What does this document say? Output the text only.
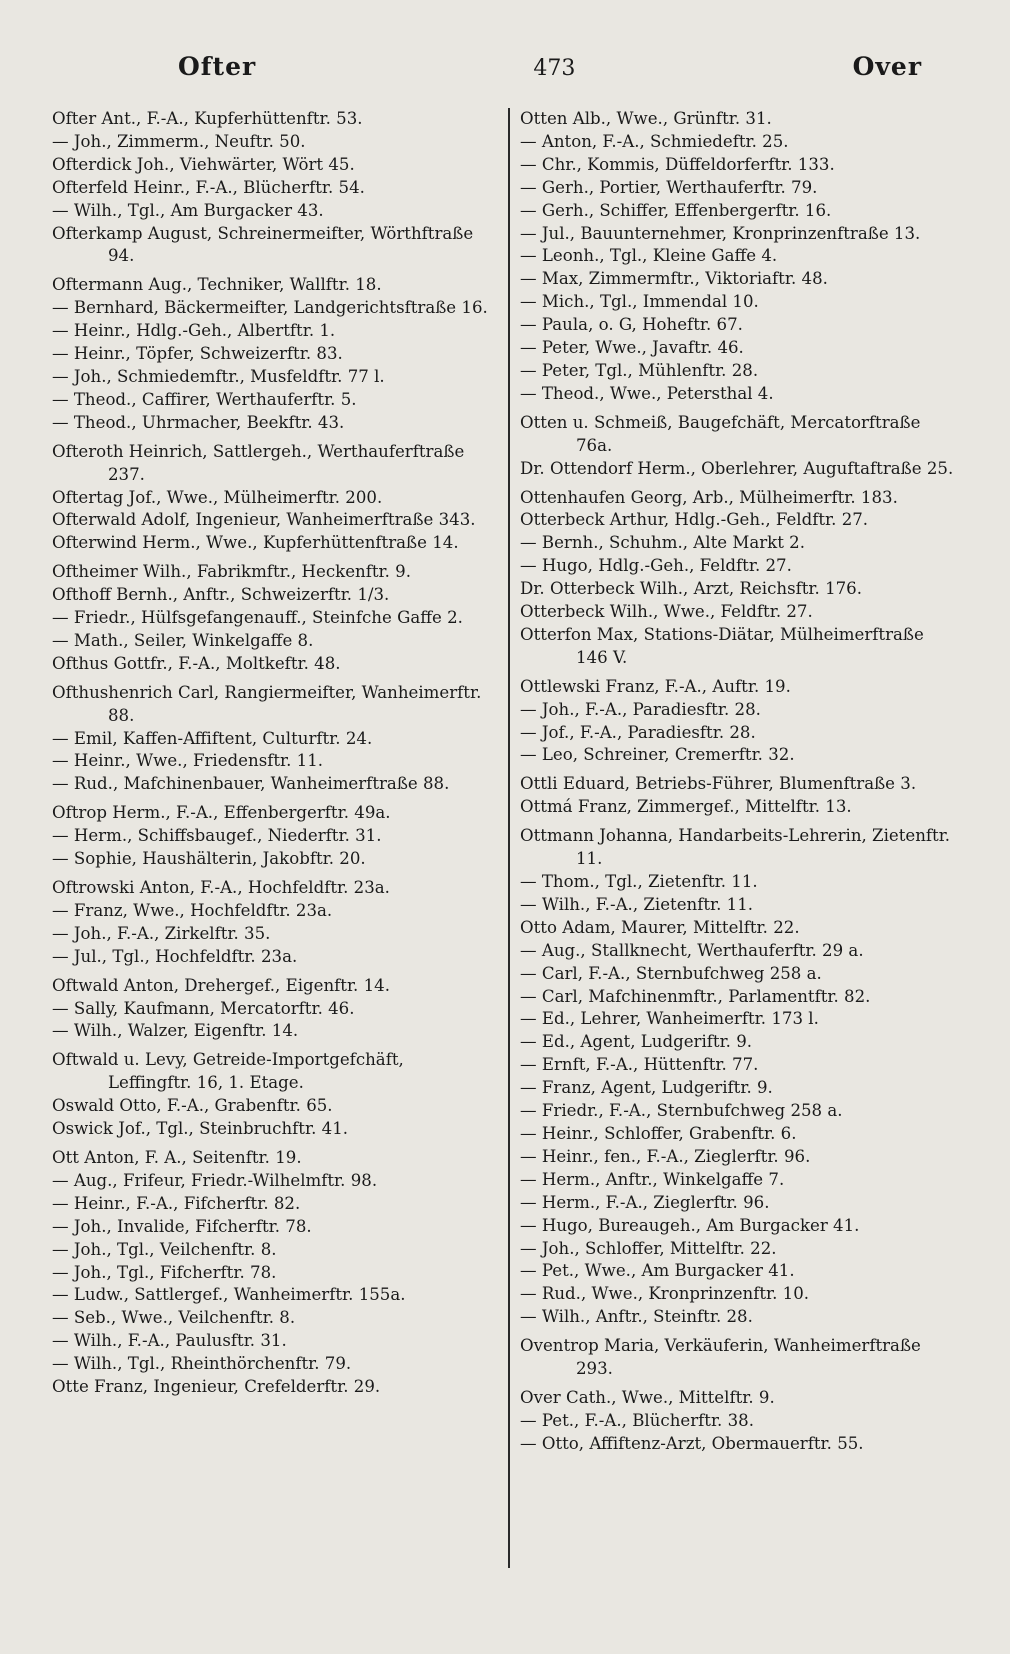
Ofter	473	Over
Ofter Ant., F.-A., Kupferhüttenftr. 53.
— Joh., Zimmerm., Neuftr. 50.
Ofterdick Joh., Viehwärter, Wört 45.
Ofterfeld Heinr., F.-A., Blücherftr. 54.
— Wilh., Tgl., Am Burgacker 43.
Ofterkamp August, Schreinermeifter, Wörthftraße 94.
Oftermann Aug., Techniker, Wallftr. 18.
— Bernhard, Bäckermeifter, Landgerichtsftraße 16.
— Heinr., Hdlg.-Geh., Albertftr. 1.
— Heinr., Töpfer, Schweizerftr. 83.
— Joh., Schmiedemftr., Musfeldftr. 77 l.
— Theod., Caffirer, Werthauferftr. 5.
— Theod., Uhrmacher, Beekftr. 43.
Ofteroth Heinrich, Sattlergeh., Werthauferftraße 237.
Oftertag Jof., Wwe., Mülheimerftr. 200.
Ofterwald Adolf, Ingenieur, Wanheimerftraße 343.
Ofterwind Herm., Wwe., Kupferhüttenftraße 14.
Oftheimer Wilh., Fabrikmftr., Heckenftr. 9.
Ofthoff Bernh., Anftr., Schweizerftr. 1/3.
— Friedr., Hülfsgefangenauff., Steinfche Gaffe 2.
— Math., Seiler, Winkelgaffe 8.
Ofthus Gottfr., F.-A., Moltkeftr. 48.
Ofthushenrich Carl, Rangiermeifter, Wanheimerftr. 88.
— Emil, Kaffen-Affiftent, Culturftr. 24.
— Heinr., Wwe., Friedensftr. 11.
— Rud., Mafchinenbauer, Wanheimerftraße 88.
Oftrop Herm., F.-A., Effenbergerftr. 49a.
— Herm., Schiffsbaugef., Niederftr. 31.
— Sophie, Haushälterin, Jakobftr. 20.
Oftrowski Anton, F.-A., Hochfeldftr. 23a.
— Franz, Wwe., Hochfeldftr. 23a.
— Joh., F.-A., Zirkelftr. 35.
— Jul., Tgl., Hochfeldftr. 23a.
Oftwald Anton, Drehergef., Eigenftr. 14.
— Sally, Kaufmann, Mercatorftr. 46.
— Wilh., Walzer, Eigenftr. 14.
Oftwald u. Levy, Getreide-Importgefchäft, Leffingftr. 16, 1. Etage.
Oswald Otto, F.-A., Grabenftr. 65.
Oswick Jof., Tgl., Steinbruchftr. 41.
Ott Anton, F. A., Seitenftr. 19.
— Aug., Frifeur, Friedr.-Wilhelmftr. 98.
— Heinr., F.-A., Fifcherftr. 82.
— Joh., Invalide, Fifcherftr. 78.
— Joh., Tgl., Veilchenftr. 8.
— Joh., Tgl., Fifcherftr. 78.
— Ludw., Sattlergef., Wanheimerftr. 155a.
— Seb., Wwe., Veilchenftr. 8.
— Wilh., F.-A., Paulusftr. 31.
— Wilh., Tgl., Rheinthörchenftr. 79.
Otte Franz, Ingenieur, Crefelderftr. 29.
Otten Alb., Wwe., Grünftr. 31.
— Anton, F.-A., Schmiedeftr. 25.
— Chr., Kommis, Düffeldorferftr. 133.
— Gerh., Portier, Werthauferftr. 79.
— Gerh., Schiffer, Effenbergerftr. 16.
— Jul., Bauunternehmer, Kronprinzenftraße 13.
— Leonh., Tgl., Kleine Gaffe 4.
— Max, Zimmermftr., Viktoriaftr. 48.
— Mich., Tgl., Immendal 10.
— Paula, o. G, Hoheftr. 67.
— Peter, Wwe., Javaftr. 46.
— Peter, Tgl., Mühlenftr. 28.
— Theod., Wwe., Petersthal 4.
Otten u. Schmeiß, Baugefchäft, Mercatorftraße 76a.
Dr. Ottendorf Herm., Oberlehrer, Auguftaftraße 25.
Ottenhaufen Georg, Arb., Mülheimerftr. 183.
Otterbeck Arthur, Hdlg.-Geh., Feldftr. 27.
— Bernh., Schuhm., Alte Markt 2.
— Hugo, Hdlg.-Geh., Feldftr. 27.
Dr. Otterbeck Wilh., Arzt, Reichsftr. 176.
Otterbeck Wilh., Wwe., Feldftr. 27.
Otterfon Max, Stations-Diätar, Mülheimerftraße 146 V.
Ottlewski Franz, F.-A., Auftr. 19.
— Joh., F.-A., Paradiesftr. 28.
— Jof., F.-A., Paradiesftr. 28.
— Leo, Schreiner, Cremerftr. 32.
Ottli Eduard, Betriebs-Führer, Blumenftraße 3.
Ottmá Franz, Zimmergef., Mittelftr. 13.
Ottmann Johanna, Handarbeits-Lehrerin, Zietenftr. 11.
— Thom., Tgl., Zietenftr. 11.
— Wilh., F.-A., Zietenftr. 11.
Otto Adam, Maurer, Mittelftr. 22.
— Aug., Stallknecht, Werthauferftr. 29 a.
— Carl, F.-A., Sternbufchweg 258 a.
— Carl, Mafchinenmftr., Parlamentftr. 82.
— Ed., Lehrer, Wanheimerftr. 173 l.
— Ed., Agent, Ludgeriftr. 9.
— Ernft, F.-A., Hüttenftr. 77.
— Franz, Agent, Ludgeriftr. 9.
— Friedr., F.-A., Sternbufchweg 258 a.
— Heinr., Schloffer, Grabenftr. 6.
— Heinr., fen., F.-A., Zieglerftr. 96.
— Herm., Anftr., Winkelgaffe 7.
— Herm., F.-A., Zieglerftr. 96.
— Hugo, Bureaugeh., Am Burgacker 41.
— Joh., Schloffer, Mittelftr. 22.
— Pet., Wwe., Am Burgacker 41.
— Rud., Wwe., Kronprinzenftr. 10.
— Wilh., Anftr., Steinftr. 28.
Oventrop Maria, Verkäuferin, Wanheimerftraße 293.
Over Cath., Wwe., Mittelftr. 9.
— Pet., F.-A., Blücherftr. 38.
— Otto, Affiftenz-Arzt, Obermauerftr. 55.
